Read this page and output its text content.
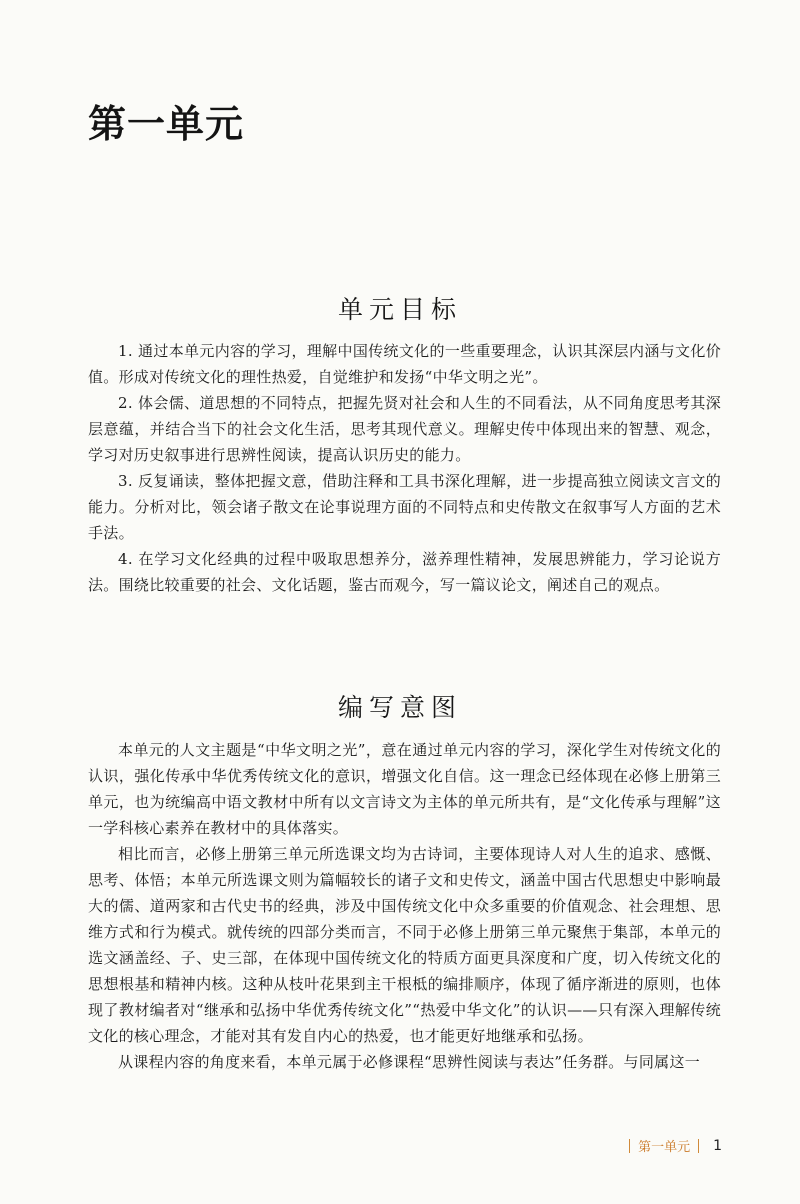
第一单元
单元目标

1. 通过本单元内容的学习，理解中国传统文化的一些重要理念，认识其深层内涵与文化价值。形成对传统文化的理性热爱，自觉维护和发扬“中华文明之光”。

2. 体会儒、道思想的不同特点，把握先贤对社会和人生的不同看法，从不同角度思考其深层意蕴，并结合当下的社会文化生活，思考其现代意义。理解史传中体现出来的智慧、观念，学习对历史叙事进行思辨性阅读，提高认识历史的能力。

3. 反复诵读，整体把握文意，借助注释和工具书深化理解，进一步提高独立阅读文言文的能力。分析对比，领会诸子散文在论事说理方面的不同特点和史传散文在叙事写人方面的艺术手法。

4. 在学习文化经典的过程中吸取思想养分，滋养理性精神，发展思辨能力，学习论说方法。围绕比较重要的社会、文化话题，鉴古而观今，写一篇议论文，阐述自己的观点。

编写意图

本单元的人文主题是“中华文明之光”，意在通过单元内容的学习，深化学生对传统文化的认识，强化传承中华优秀传统文化的意识，增强文化自信。这一理念已经体现在必修上册第三单元，也为统编高中语文教材中所有以文言诗文为主体的单元所共有，是“文化传承与理解”这一学科核心素养在教材中的具体落实。

相比而言，必修上册第三单元所选课文均为古诗词，主要体现诗人对人生的追求、感慨、思考、体悟；本单元所选课文则为篇幅较长的诸子文和史传文，涵盖中国古代思想史中影响最大的儒、道两家和古代史书的经典，涉及中国传统文化中众多重要的价值观念、社会理想、思维方式和行为模式。就传统的四部分类而言，不同于必修上册第三单元聚焦于集部，本单元的选文涵盖经、子、史三部，在体现中国传统文化的特质方面更具深度和广度，切入传统文化的思想根基和精神内核。这种从枝叶花果到主干根柢的编排顺序，体现了循序渐进的原则，也体现了教材编者对“继承和弘扬中华优秀传统文化”“热爱中华文化”的认识——只有深入理解传统文化的核心理念，才能对其有发自内心的热爱，也才能更好地继承和弘扬。

从课程内容的角度来看，本单元属于必修课程“思辨性阅读与表达”任务群。与同属这一

第一单元 1
